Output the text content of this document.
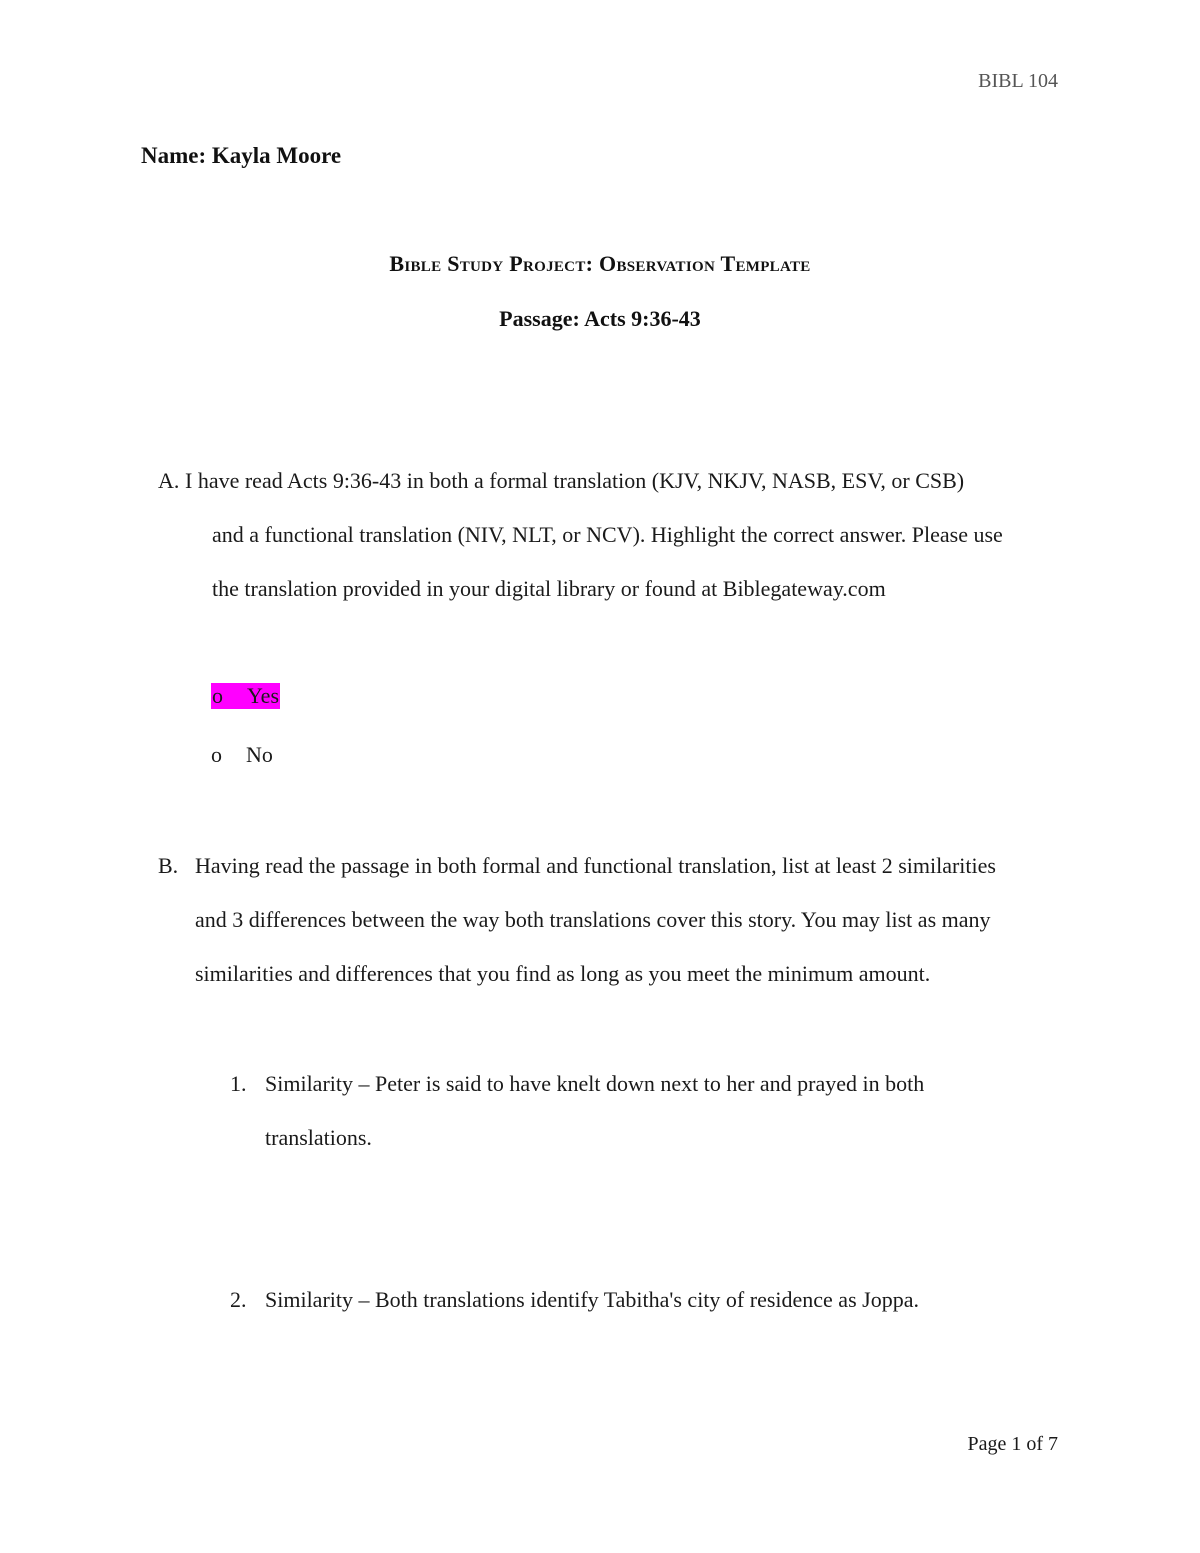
BIBL 104
Name: Kayla Moore
Bible Study Project: Observation Template
Passage: Acts 9:36-43
A. I have read Acts 9:36-43 in both a formal translation (KJV, NKJV, NASB, ESV, or CSB)
and a functional translation (NIV, NLT, or NCV). Highlight the correct answer. Please use
the translation provided in your digital library or found at Biblegateway.com
o	Yes
o	No
B. Having read the passage in both formal and functional translation, list at least 2 similarities
and 3 differences between the way both translations cover this story. You may list as many
similarities and differences that you find as long as you meet the minimum amount.
1. Similarity – Peter is said to have knelt down next to her and prayed in both
translations.
2. Similarity – Both translations identify Tabitha's city of residence as Joppa.
Page 1 of 7
